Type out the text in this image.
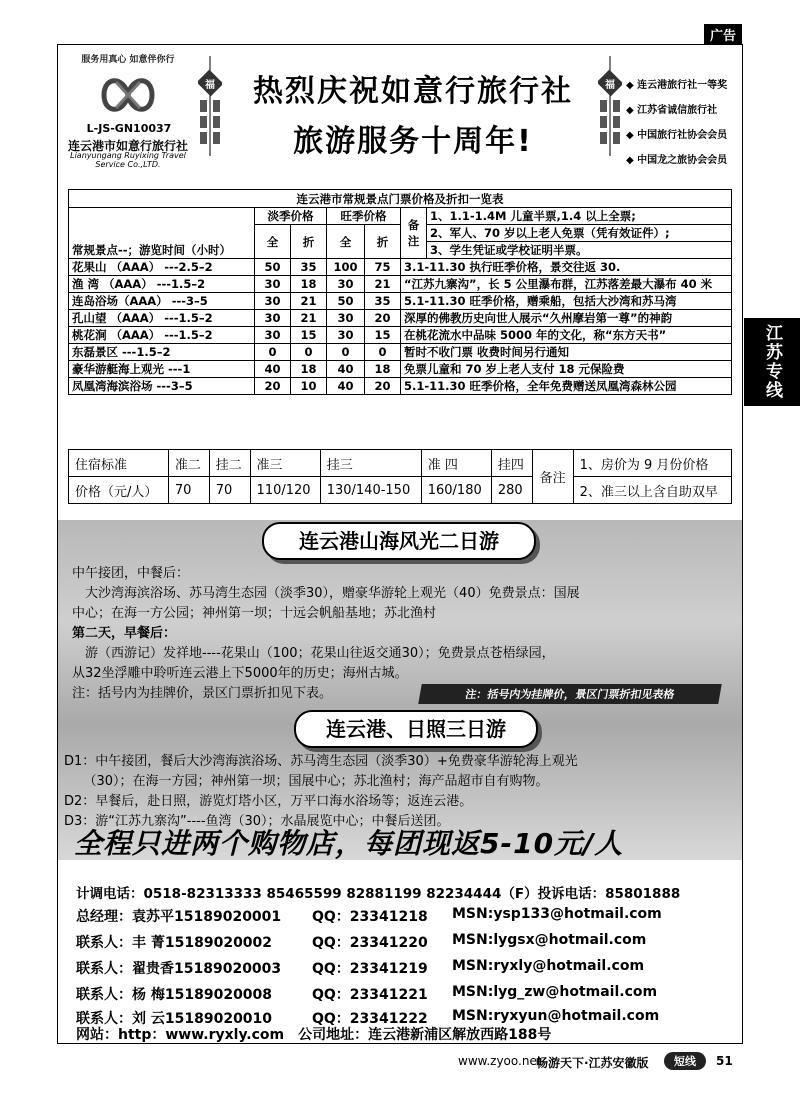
广告
江苏专线
服务用真心 如意伴你行
L-JS-GN10037
连云港市如意行旅行社
Lianyungang Ruyixing Travel Service Co.,LTD.
福	热烈庆祝如意行旅行社
旅游服务十周年!
福 ◆ 连云港旅行社一等奖
◆ 江苏省诚信旅行社
◆ 中国旅行社协会会员
◆ 中国龙之旅协会会员
连云港市常规景点门票价格及折扣一览表						
常规景点--；游览时间（小时）	淡季价格		旺季价格		备注	1、1.1-1.4M 儿童半票,1.4 以上全票;
	全	折	全	折		2、军人、70 岁以上老人免票（凭有效证件）;
						3、学生凭证或学校证明半票。
花果山 （AAA） ---2.5–2	50	35	100	75	3.1-11.30 执行旺季价格，景交往返 30.	
渔 湾 （AAA） ---1.5–2	30	18	30	21	“江苏九寨沟”，长 5 公里瀑布群，江苏落差最大瀑布 40 米	
连岛浴场（AAA） ---3–5	30	21	50	35	5.1-11.30 旺季价格，赠乘船，包括大沙湾和苏马湾	
孔山望 （AAA） ---1.5–2	30	21	30	20	深厚的佛教历史向世人展示“久州摩岩第一尊”的神韵	
桃花涧 （AAA） ---1.5–2	30	15	30	15	在桃花流水中品味 5000 年的文化，称“东方天书”	
东磊景区 ---1.5–2	0	0	0	0	暂时不收门票 收费时间另行通知	
豪华游艇海上观光 ---1	40	18	40	18	免票儿童和 70 岁上老人支付 18 元保险费	
凤凰湾海滨浴场 ---3–5	20	10	40	20	5.1-11.30 旺季价格，全年免费赠送凤凰湾森林公园	
住宿标准	准二	挂二	准三	挂三	准 四	挂四	备注	1、房价为 9 月份价格
价格（元/人）	70	70	110/120	130/140-150	160/180	280		2、准三以上含自助双早
连云港山海风光二日游
中午接团，中餐后：
　大沙湾海滨浴场、苏马湾生态园（淡季30），赠豪华游轮上观光（40）免费景点：国展
中心；在海一方公园；神州第一坝；十远会帆船基地；苏北渔村
第二天，早餐后：
　游（西游记）发祥地----花果山（100；花果山往返交通30）；免费景点苍梧绿园，
从32坐浮雕中聆听连云港上下5000年的历史；海州古城。
注：括号内为挂牌价，景区门票折扣见下表。	注：括号内为挂牌价，景区门票折扣见表格
连云港、日照三日游
D1：中午接团，餐后大沙湾海滨浴场、苏马湾生态园（淡季30）+免费豪华游轮海上观光
　　（30）；在海一方园；神州第一坝；国展中心；苏北渔村；海产品超市自有购物。
D2：早餐后，赴日照，游览灯塔小区，万平口海水浴场等；返连云港。
D3：游“江苏九寨沟”----鱼湾（30）；水晶展览中心；中餐后送团。
全程只进两个购物店，每团现返5-10元/人
计调电话：0518-82313333 85465599 82881199 82234444（F）投诉电话：85801888
总经理：袁苏平15189020001 QQ：23341218 MSN:ysp133@hotmail.com
联系人：丰 菁15189020002	QQ：23341220 MSN:lygsx@hotmail.com
联系人：翟贵香15189020003 QQ：23341219 MSN:ryxly@hotmail.com
联系人：杨 梅15189020008	QQ：23341221 MSN:lyg_zw@hotmail.com
联系人：刘 云15189020010	QQ：23341222 MSN:ryxyun@hotmail.com
网站：http：www.ryxly.com　公司地址：连云港新浦区解放西路188号
www.zyoo.net
畅游天下·江苏安徽版	短线	51
